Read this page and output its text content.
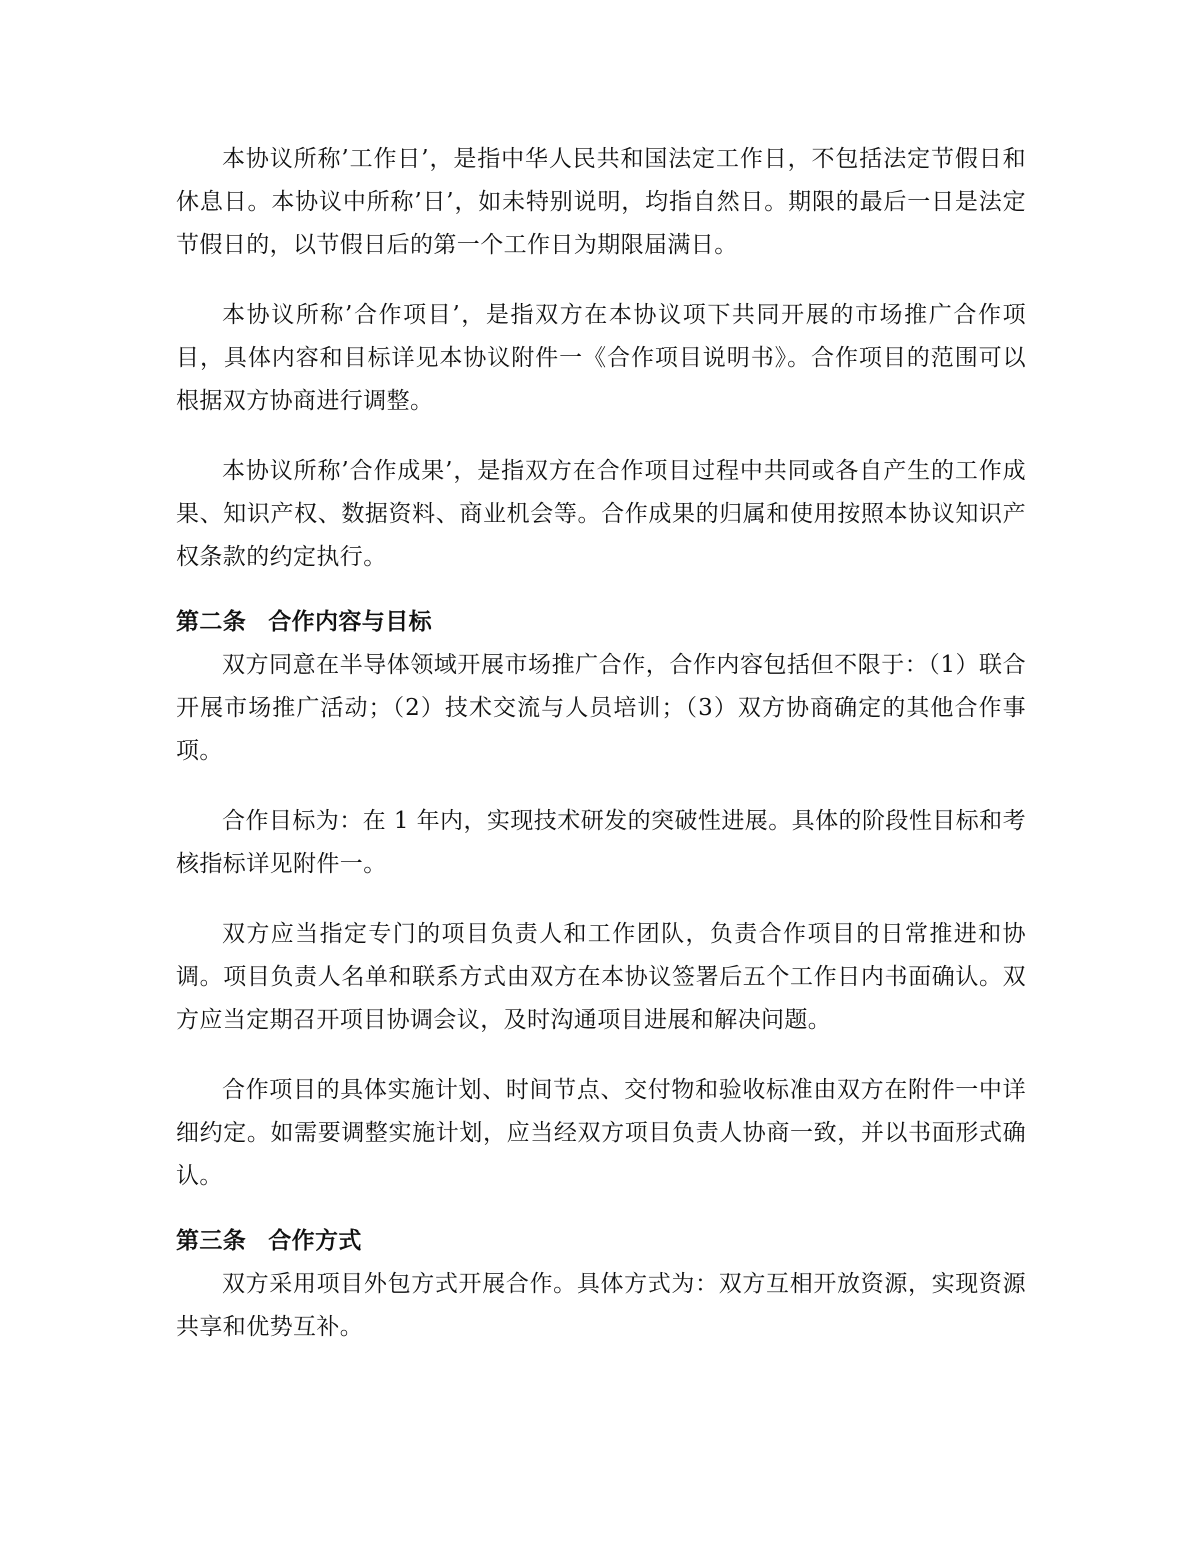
本协议所称’工作日’，是指中华人民共和国法定工作日，不包括法定节假日和休息日。本协议中所称’日’，如未特别说明，均指自然日。期限的最后一日是法定节假日的，以节假日后的第一个工作日为期限届满日。

本协议所称’合作项目’，是指双方在本协议项下共同开展的市场推广合作项目，具体内容和目标详见本协议附件一《合作项目说明书》。合作项目的范围可以根据双方协商进行调整。

本协议所称’合作成果’，是指双方在合作项目过程中共同或各自产生的工作成果、知识产权、数据资料、商业机会等。合作成果的归属和使用按照本协议知识产权条款的约定执行。

第二条 合作内容与目标

双方同意在半导体领域开展市场推广合作，合作内容包括但不限于：（1）联合开展市场推广活动；（2）技术交流与人员培训；（3）双方协商确定的其他合作事项。

合作目标为：在 1 年内，实现技术研发的突破性进展。具体的阶段性目标和考核指标详见附件一。

双方应当指定专门的项目负责人和工作团队，负责合作项目的日常推进和协调。项目负责人名单和联系方式由双方在本协议签署后五个工作日内书面确认。双方应当定期召开项目协调会议，及时沟通项目进展和解决问题。

合作项目的具体实施计划、时间节点、交付物和验收标准由双方在附件一中详细约定。如需要调整实施计划，应当经双方项目负责人协商一致，并以书面形式确认。

第三条 合作方式

双方采用项目外包方式开展合作。具体方式为：双方互相开放资源，实现资源共享和优势互补。
